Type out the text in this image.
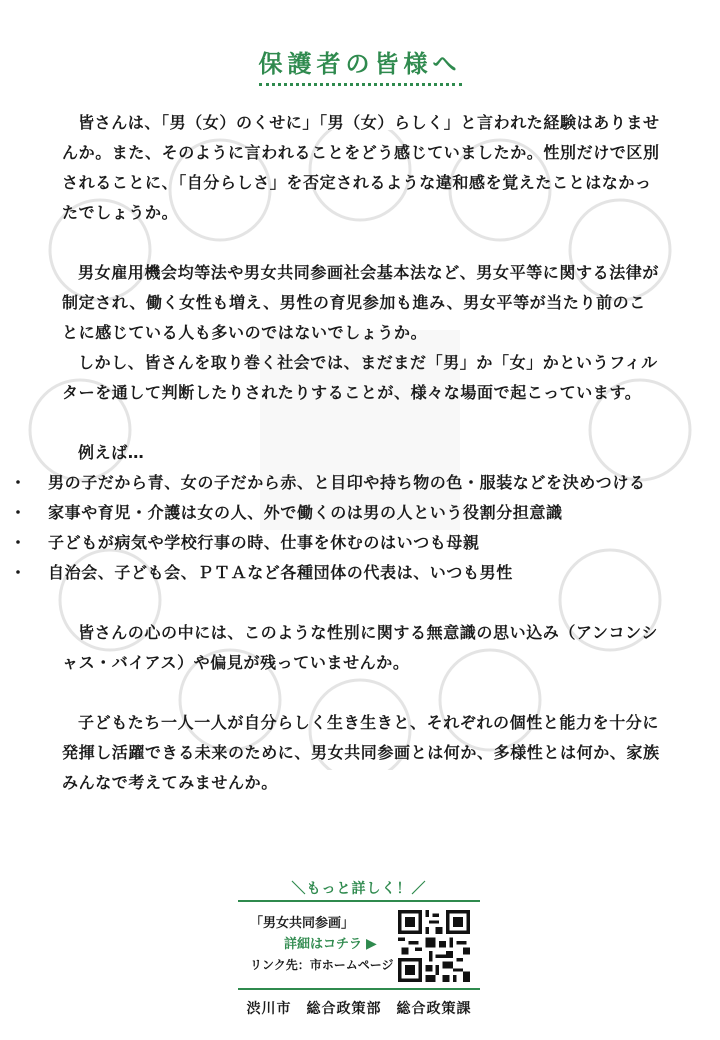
保護者の皆様へ

皆さんは、「男（女）のくせに」「男（女）らしく」と言われた経験はありませんか。また、そのように言われることをどう感じていましたか。性別だけで区別されることに、「自分らしさ」を否定されるような違和感を覚えたことはなかったでしょうか。

男女雇用機会均等法や男女共同参画社会基本法など、男女平等に関する法律が制定され、働く女性も増え、男性の育児参加も進み、男女平等が当たり前のことに感じている人も多いのではないでしょうか。

しかし、皆さんを取り巻く社会では、まだまだ「男」か「女」かというフィルターを通して判断したりされたりすることが、様々な場面で起こっています。

例えば…

・	男の子だから青、女の子だから赤、と目印や持ち物の色・服装などを決めつける
・	家事や育児・介護は女の人、外で働くのは男の人という役割分担意識
・	子どもが病気や学校行事の時、仕事を休むのはいつも母親
・	自治会、子ども会、ＰＴＡなど各種団体の代表は、いつも男性

皆さんの心の中には、このような性別に関する無意識の思い込み（アンコンシャス・バイアス）や偏見が残っていませんか。

子どもたち一人一人が自分らしく生き生きと、それぞれの個性と能力を十分に発揮し活躍できる未来のために、男女共同参画とは何か、多様性とは何か、家族みんなで考えてみませんか。

＼もっと詳しく！／
「男女共同参画」
詳細はコチラ ▶
リンク先：市ホームページ
渋川市　総合政策部　総合政策課
